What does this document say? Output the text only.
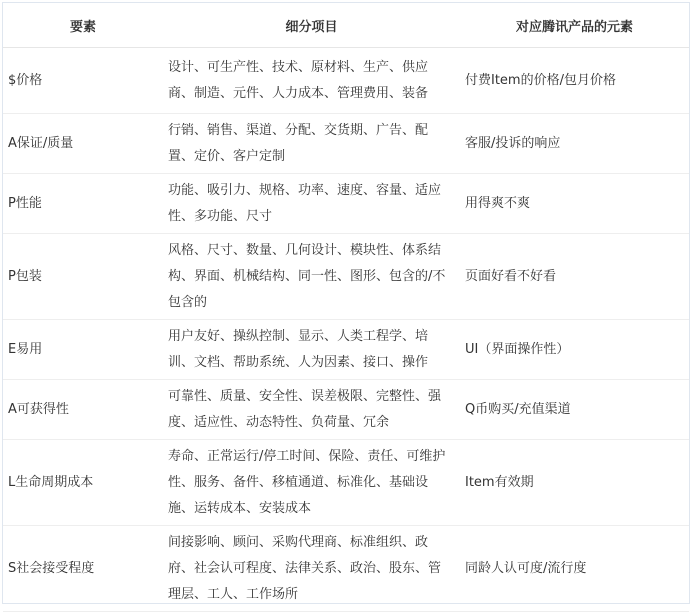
要素	细分项目	对应腾讯产品的元素
$价格	设计、可生产性、技术、原材料、生产、供应商、制造、元件、人力成本、管理费用、装备	付费Item的价格/包月价格
A保证/质量	行销、销售、渠道、分配、交货期、广告、配置、定价、客户定制	客服/投诉的响应
P性能	功能、吸引力、规格、功率、速度、容量、适应性、多功能、尺寸	用得爽不爽
P包装	风格、尺寸、数量、几何设计、模块性、体系结构、界面、机械结构、同一性、图形、包含的/不包含的	页面好看不好看
E易用	用户友好、操纵控制、显示、人类工程学、培训、文档、帮助系统、人为因素、接口、操作	UI（界面操作性）
A可获得性	可靠性、质量、安全性、误差极限、完整性、强度、适应性、动态特性、负荷量、冗余	Q币购买/充值渠道
L生命周期成本	寿命、正常运行/停工时间、保险、责任、可维护性、服务、备件、移植通道、标准化、基础设施、运转成本、安装成本	Item有效期
S社会接受程度	间接影响、顾问、采购代理商、标准组织、政府、社会认可程度、法律关系、政治、股东、管理层、工人、工作场所	同龄人认可度/流行度
